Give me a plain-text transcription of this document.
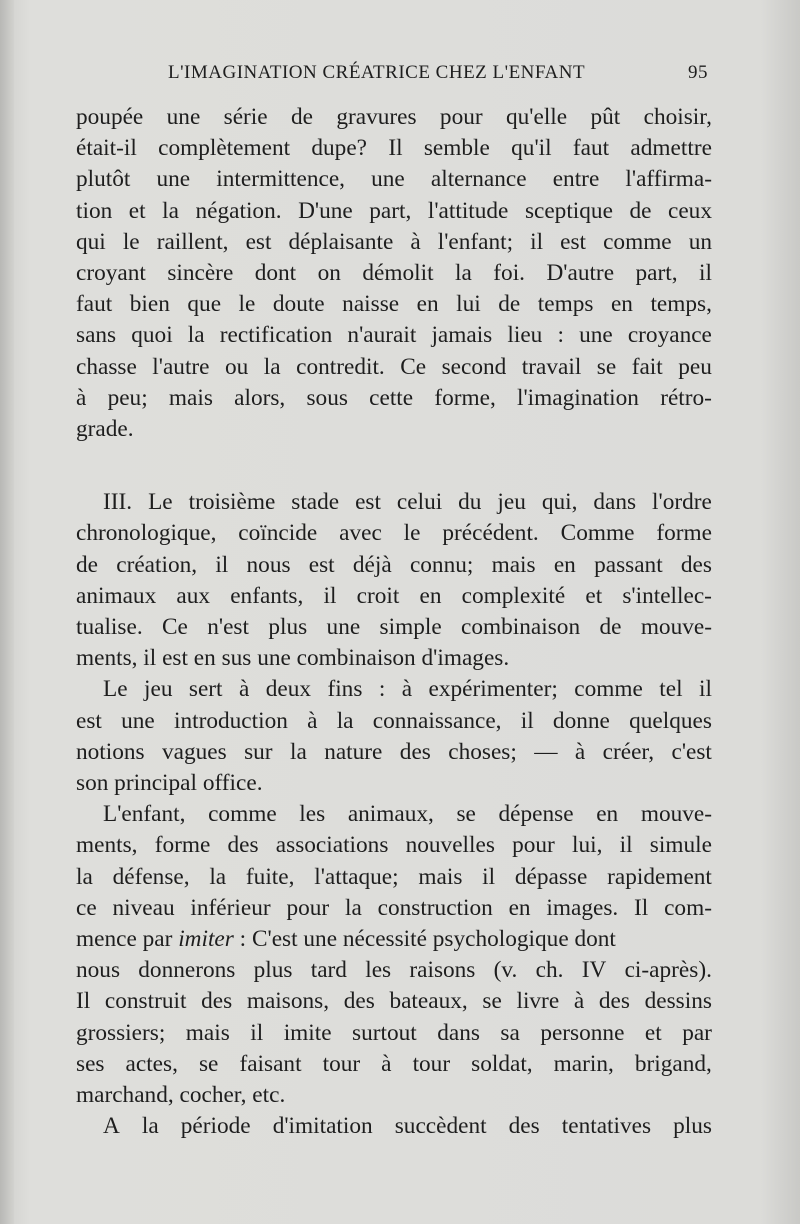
L'IMAGINATION CRÉATRICE CHEZ L'ENFANT	95
poupée une série de gravures pour qu'elle pût choisir,
était-il complètement dupe? Il semble qu'il faut admettre
plutôt une intermittence, une alternance entre l'affirma-
tion et la négation. D'une part, l'attitude sceptique de ceux
qui le raillent, est déplaisante à l'enfant; il est comme un
croyant sincère dont on démolit la foi. D'autre part, il
faut bien que le doute naisse en lui de temps en temps,
sans quoi la rectification n'aurait jamais lieu : une croyance
chasse l'autre ou la contredit. Ce second travail se fait peu
à peu; mais alors, sous cette forme, l'imagination rétro-
grade.
III. Le troisième stade est celui du jeu qui, dans l'ordre
chronologique, coïncide avec le précédent. Comme forme
de création, il nous est déjà connu; mais en passant des
animaux aux enfants, il croit en complexité et s'intellec-
tualise. Ce n'est plus une simple combinaison de mouve-
ments, il est en sus une combinaison d'images.
Le jeu sert à deux fins : à expérimenter; comme tel il
est une introduction à la connaissance, il donne quelques
notions vagues sur la nature des choses; — à créer, c'est
son principal office.
L'enfant, comme les animaux, se dépense en mouve-
ments, forme des associations nouvelles pour lui, il simule
la défense, la fuite, l'attaque; mais il dépasse rapidement
ce niveau inférieur pour la construction en images. Il com-
mence par imiter : C'est une nécessité psychologique dont
nous donnerons plus tard les raisons (v. ch. IV ci-après).
Il construit des maisons, des bateaux, se livre à des dessins
grossiers; mais il imite surtout dans sa personne et par
ses actes, se faisant tour à tour soldat, marin, brigand,
marchand, cocher, etc.
A la période d'imitation succèdent des tentatives plus
